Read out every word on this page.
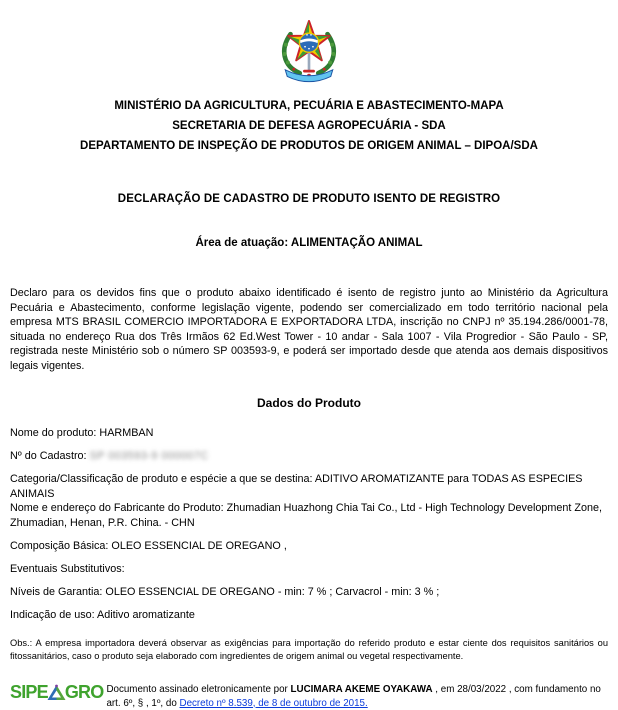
MINISTÉRIO DA AGRICULTURA, PECUÁRIA E ABASTECIMENTO-MAPA
SECRETARIA DE DEFESA AGROPECUÁRIA - SDA
DEPARTAMENTO DE INSPEÇÃO DE PRODUTOS DE ORIGEM ANIMAL – DIPOA/SDA
DECLARAÇÃO DE CADASTRO DE PRODUTO ISENTO DE REGISTRO
Área de atuação: ALIMENTAÇÃO ANIMAL
Declaro para os devidos fins que o produto abaixo identificado é isento de registro junto ao Ministério da Agricultura Pecuária e Abastecimento, conforme legislação vigente, podendo ser comercializado em todo território nacional pela empresa MTS BRASIL COMERCIO IMPORTADORA E EXPORTADORA LTDA, inscrição no CNPJ nº 35.194.286/0001-78, situada no endereço Rua dos Três Irmãos 62 Ed.West Tower - 10 andar - Sala 1007 - Vila Progredior - São Paulo - SP, registrada neste Ministério sob o número SP 003593-9, e poderá ser importado desde que atenda aos demais dispositivos legais vigentes.
Dados do Produto
Nome do produto: HARMBAN
Nº do Cadastro: SP 003593-9 000007C
Categoria/Classificação de produto e espécie a que se destina: ADITIVO AROMATIZANTE para TODAS AS ESPECIES ANIMAIS
Nome e endereço do Fabricante do Produto: Zhumadian Huazhong Chia Tai Co., Ltd - High Technology Development Zone, Zhumadian, Henan, P.R. China. - CHN
Composição Básica: OLEO ESSENCIAL DE OREGANO ,
Eventuais Substitutivos:
Níveis de Garantia: OLEO ESSENCIAL DE OREGANO - min: 7 % ; Carvacrol - min: 3 % ;
Indicação de uso: Aditivo aromatizante
Obs.: A empresa importadora deverá observar as exigências para importação do referido produto e estar ciente dos requisitos sanitários ou fitossanitários, caso o produto seja elaborado com ingredientes de origem animal ou vegetal respectivamente.
SIPE GRO Documento assinado eletronicamente por LUCIMARA AKEME OYAKAWA , em 28/03/2022 , com fundamento no art. 6º, § , 1º, do Decreto nº 8.539, de 8 de outubro de 2015.
